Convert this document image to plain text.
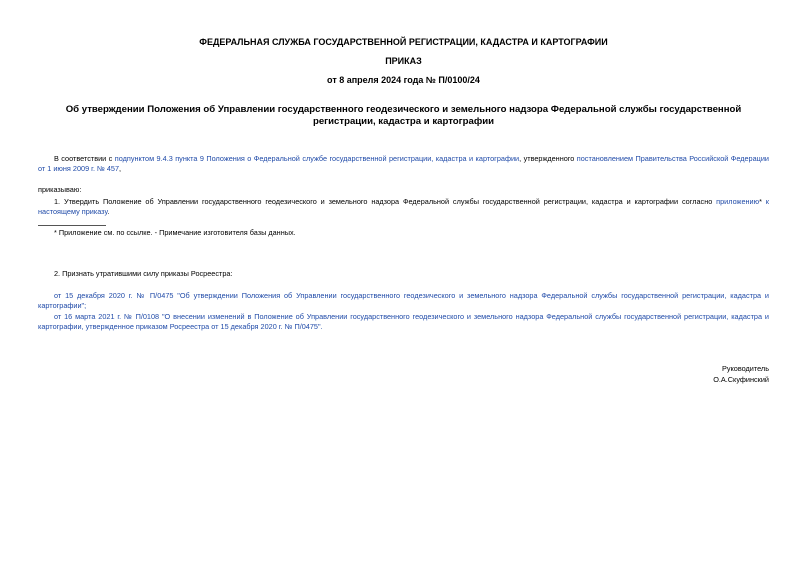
ФЕДЕРАЛЬНАЯ СЛУЖБА ГОСУДАРСТВЕННОЙ РЕГИСТРАЦИИ, КАДАСТРА И КАРТОГРАФИИ
ПРИКАЗ
от 8 апреля 2024 года № П/0100/24
Об утверждении Положения об Управлении государственного геодезического и земельного надзора Федеральной службы государственной регистрации, кадастра и картографии
В соответствии с подпунктом 9.4.3 пункта 9 Положения о Федеральной службе государственной регистрации, кадастра и картографии, утвержденного постановлением Правительства Российской Федерации от 1 июня 2009 г. № 457,
приказываю:
1. Утвердить Положение об Управлении государственного геодезического и земельного надзора Федеральной службы государственной регистрации, кадастра и картографии согласно приложению* к настоящему приказу.
* Приложение см. по ссылке. - Примечание изготовителя базы данных.
2. Признать утратившими силу приказы Росреестра:
от 15 декабря 2020 г. № П/0475 "Об утверждении Положения об Управлении государственного геодезического и земельного надзора Федеральной службы государственной регистрации, кадастра и картографии";
от 16 марта 2021 г. № П/0108 "О внесении изменений в Положение об Управлении государственного геодезического и земельного надзора Федеральной службы государственной регистрации, кадастра и картографии, утвержденное приказом Росреестра от 15 декабря 2020 г. № П/0475".
Руководитель
О.А.Скуфинский
